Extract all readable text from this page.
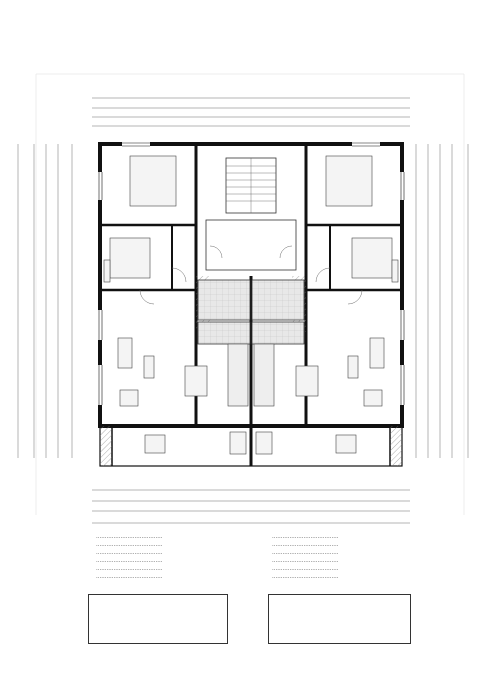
......................................
......................................
......................................
......................................
......................................
......................................
......................................
......................................
......................................
......................................
......................................
......................................
